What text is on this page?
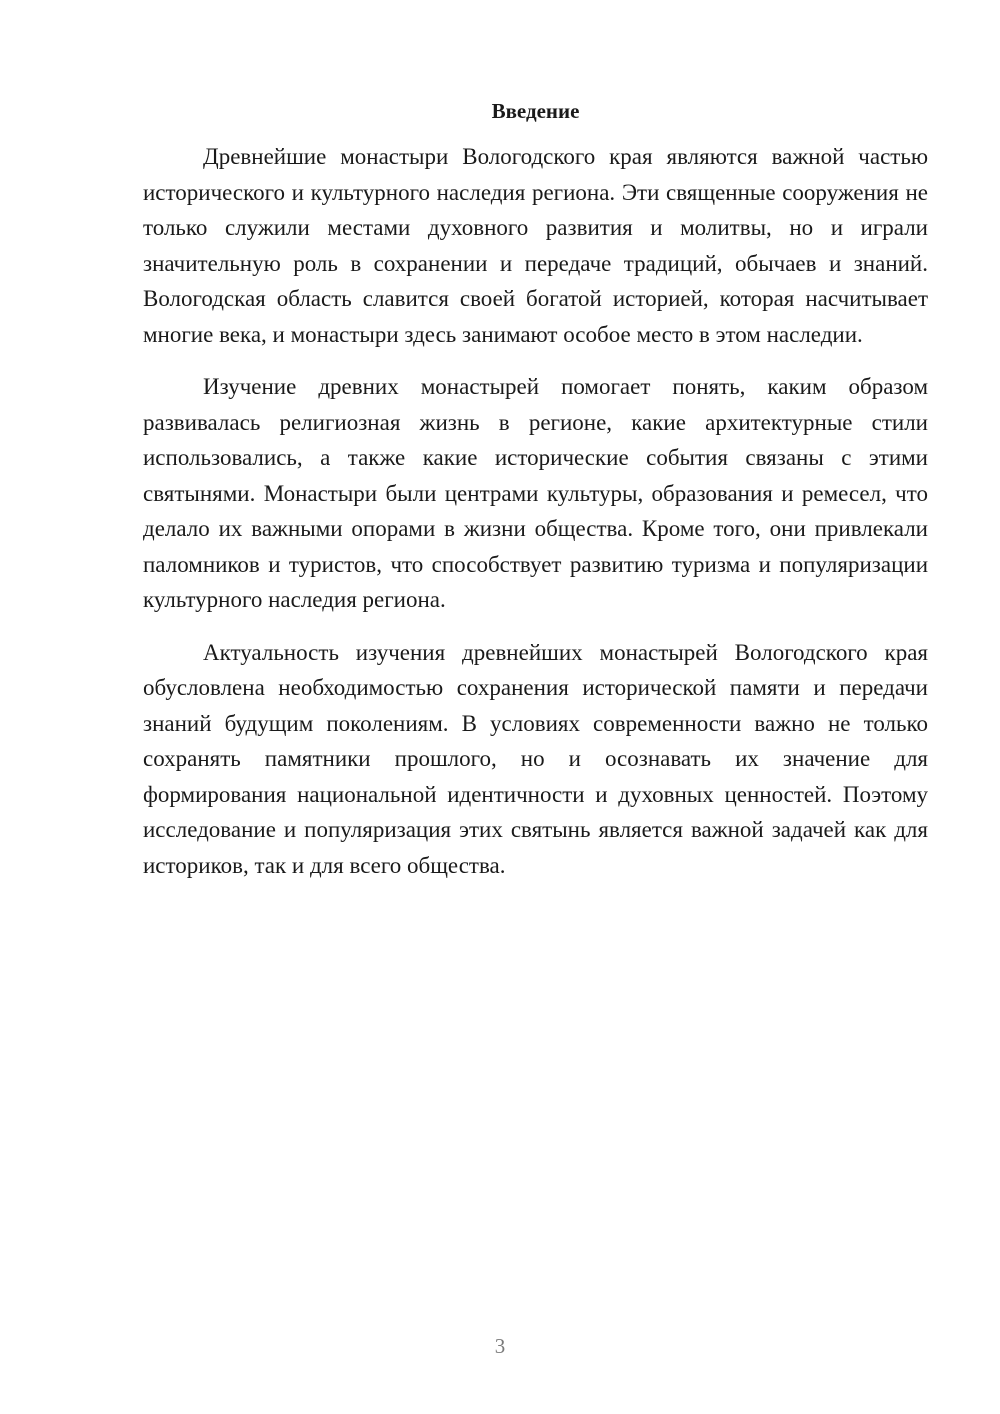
Введение

Древнейшие монастыри Вологодского края являются важной частью исторического и культурного наследия региона. Эти священные сооружения не только служили местами духовного развития и молитвы, но и играли значительную роль в сохранении и передаче традиций, обычаев и знаний. Вологодская область славится своей богатой историей, которая насчитывает многие века, и монастыри здесь занимают особое место в этом наследии.

Изучение древних монастырей помогает понять, каким образом развивалась религиозная жизнь в регионе, какие архитектурные стили использовались, а также какие исторические события связаны с этими святынями. Монастыри были центрами культуры, образования и ремесел, что делало их важными опорами в жизни общества. Кроме того, они привлекали паломников и туристов, что способствует развитию туризма и популяризации культурного наследия региона.

Актуальность изучения древнейших монастырей Вологодского края обусловлена необходимостью сохранения исторической памяти и передачи знаний будущим поколениям. В условиях современности важно не только сохранять памятники прошлого, но и осознавать их значение для формирования национальной идентичности и духовных ценностей. Поэтому исследование и популяризация этих святынь является важной задачей как для историков, так и для всего общества.

3
